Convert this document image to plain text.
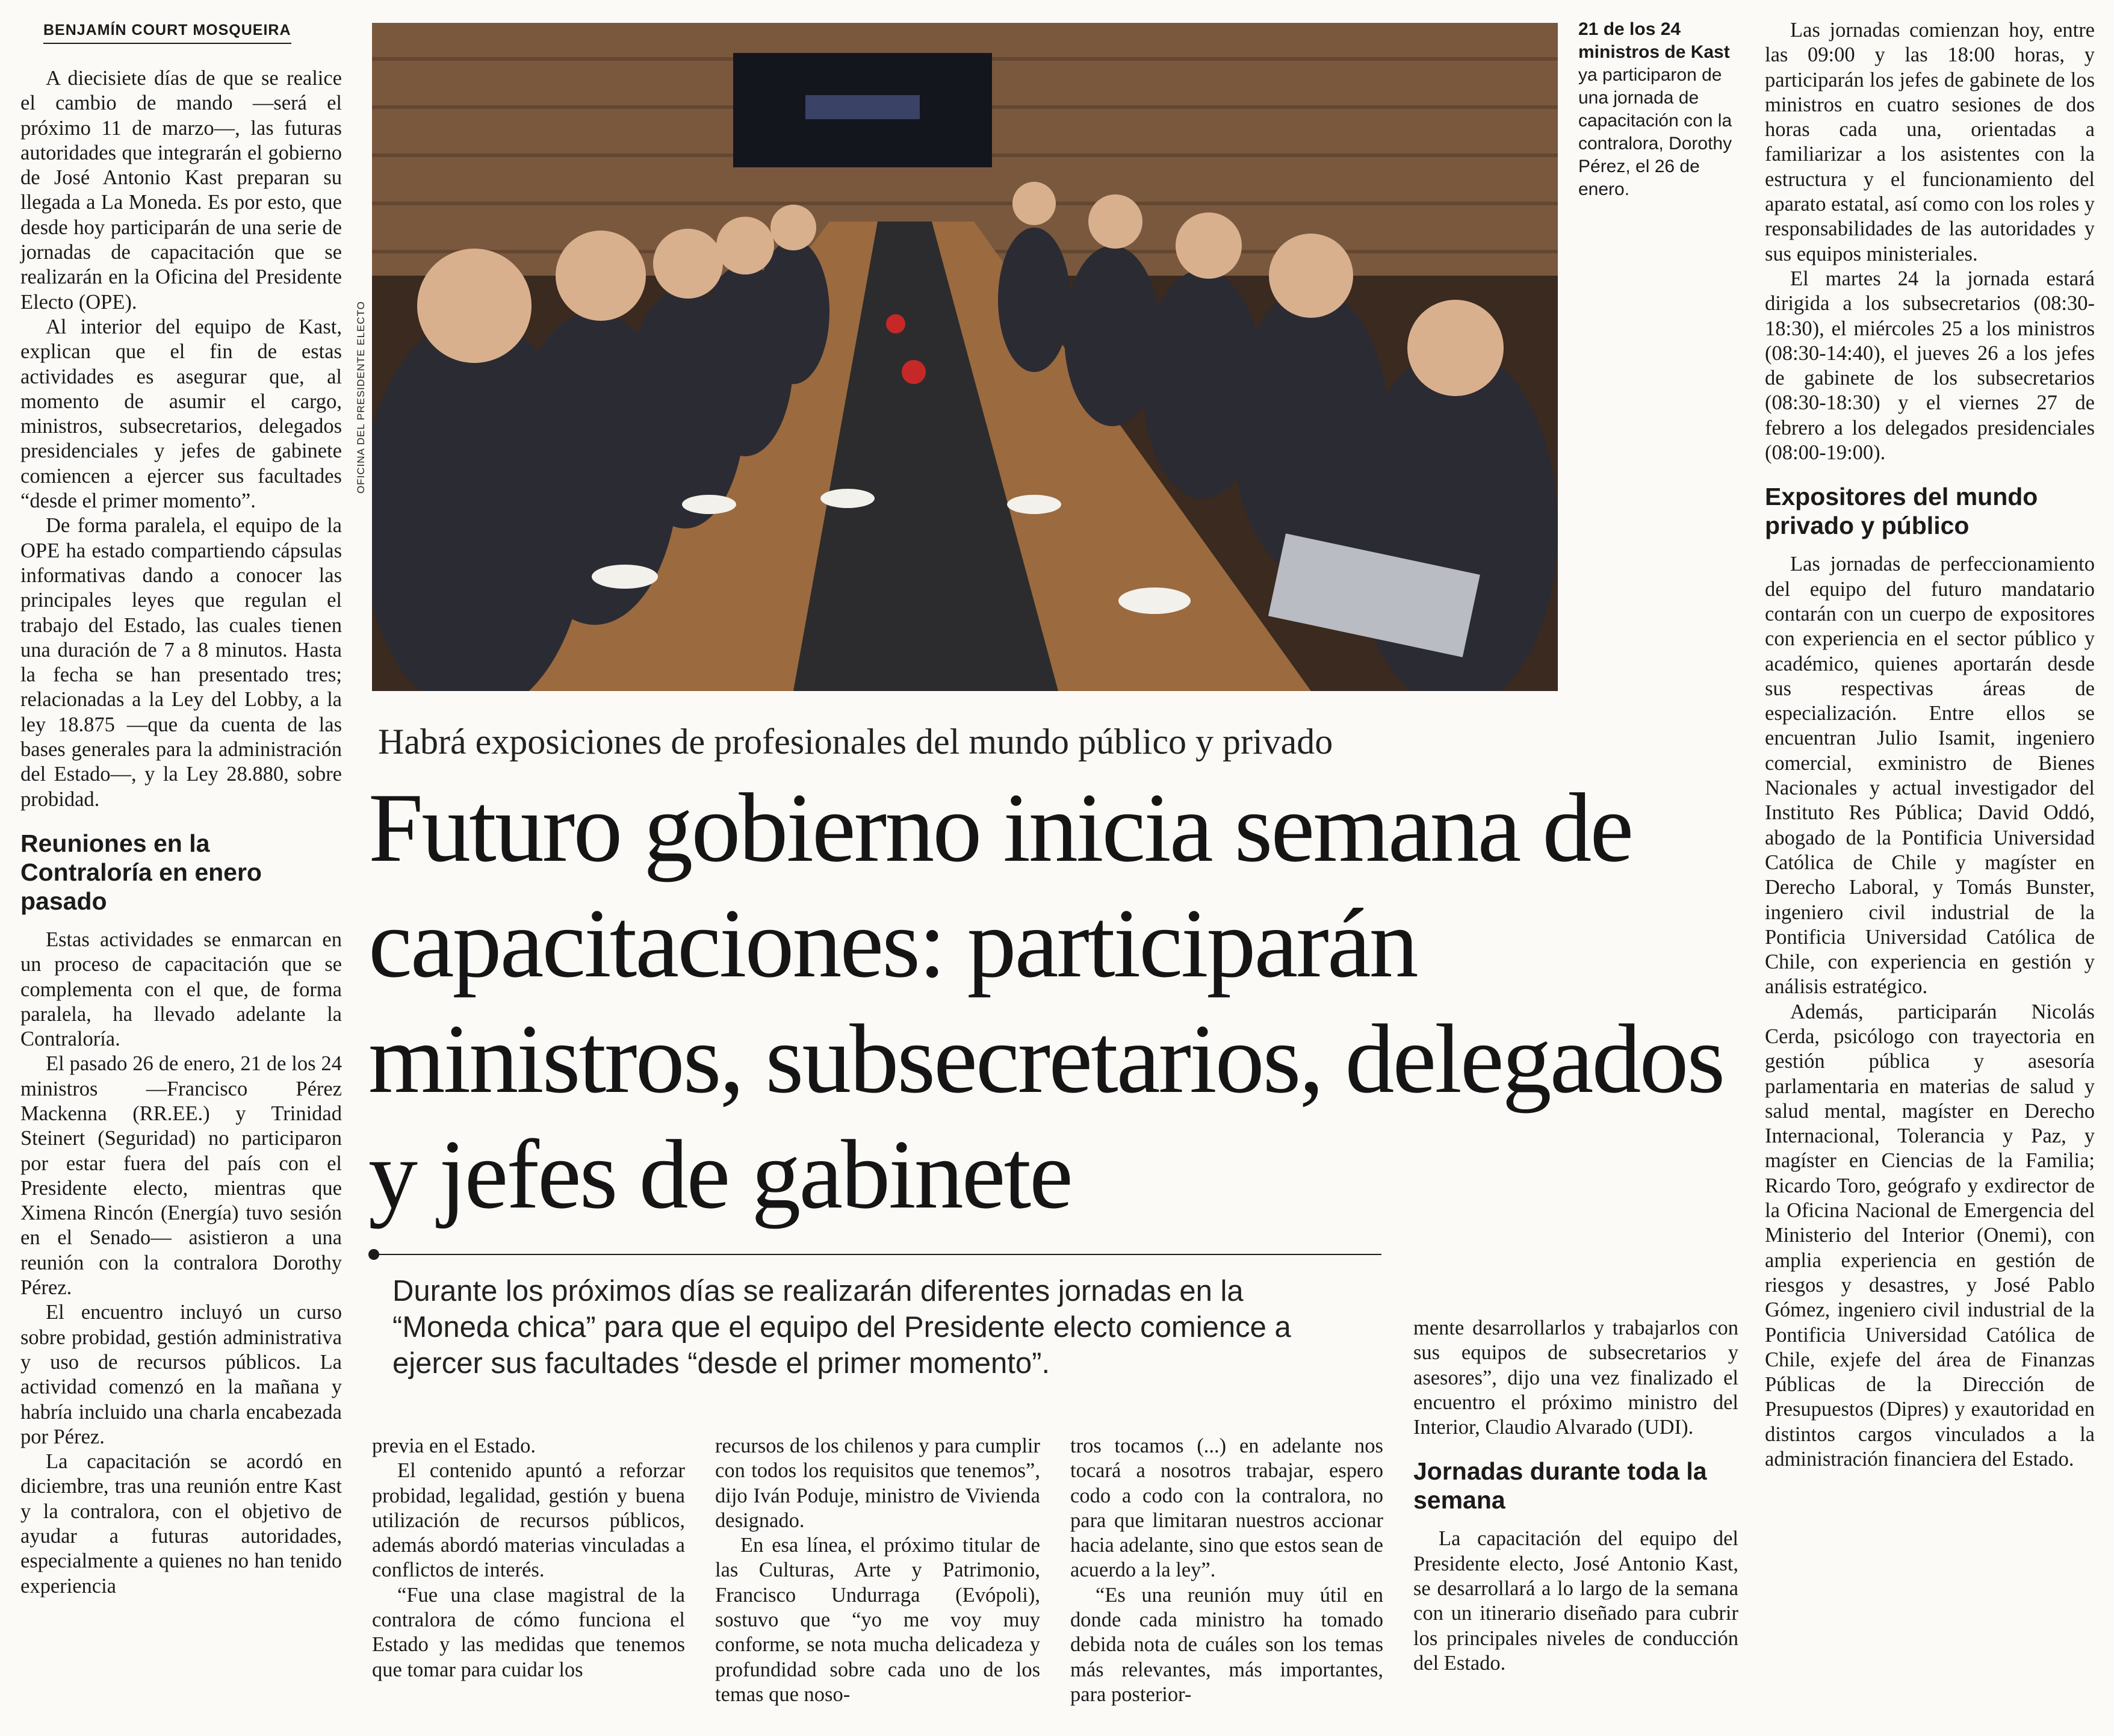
BENJAMÍN COURT MOSQUEIRA

A diecisiete días de que se realice el cambio de mando —será el próximo 11 de marzo—, las futuras autoridades que integrarán el gobierno de José Antonio Kast preparan su llegada a La Moneda. Es por esto, que desde hoy participarán de una serie de jornadas de capacitación que se realizarán en la Oficina del Presidente Electo (OPE).

Al interior del equipo de Kast, explican que el fin de estas actividades es asegurar que, al momento de asumir el cargo, ministros, subsecretarios, delegados presidenciales y jefes de gabinete comiencen a ejercer sus facultades “desde el primer momento”.

De forma paralela, el equipo de la OPE ha estado compartiendo cápsulas informativas dando a conocer las principales leyes que regulan el trabajo del Estado, las cuales tienen una duración de 7 a 8 minutos. Hasta la fecha se han presentado tres; relacionadas a la Ley del Lobby, a la ley 18.875 —que da cuenta de las bases generales para la administración del Estado—, y la Ley 28.880, sobre probidad.

Reuniones en la Contraloría en enero pasado

Estas actividades se enmarcan en un proceso de capacitación que se complementa con el que, de forma paralela, ha llevado adelante la Contraloría.

El pasado 26 de enero, 21 de los 24 ministros —Francisco Pérez Mackenna (RR.EE.) y Trinidad Steinert (Seguridad) no participaron por estar fuera del país con el Presidente electo, mientras que Ximena Rincón (Energía) tuvo sesión en el Senado— asistieron a una reunión con la contralora Dorothy Pérez.

El encuentro incluyó un curso sobre probidad, gestión administrativa y uso de recursos públicos. La actividad comenzó en la mañana y habría incluido una charla encabezada por Pérez.

La capacitación se acordó en diciembre, tras una reunión entre Kast y la contralora, con el objetivo de ayudar a futuras autoridades, especialmente a quienes no han tenido experiencia

OFICINA DEL PRESIDENTE ELECTO
21 de los 24 ministros de Kast ya participaron de una jornada de capacitación con la contralora, Dorothy Pérez, el 26 de enero.
Habrá exposiciones de profesionales del mundo público y privado
Futuro gobierno inicia semana de capacitaciones: participarán ministros, subsecretarios, delegados y jefes de gabinete
Durante los próximos días se realizarán diferentes jornadas en la “Moneda chica” para que el equipo del Presidente electo comience a ejercer sus facultades “desde el primer momento”.

previa en el Estado.

El contenido apuntó a reforzar probidad, legalidad, gestión y buena utilización de recursos públicos, además abordó materias vinculadas a conflictos de interés.

“Fue una clase magistral de la contralora de cómo funciona el Estado y las medidas que tenemos que tomar para cuidar los

recursos de los chilenos y para cumplir con todos los requisitos que tenemos”, dijo Iván Poduje, ministro de Vivienda designado.

En esa línea, el próximo titular de las Culturas, Arte y Patrimonio, Francisco Undurraga (Evópoli), sostuvo que “yo me voy muy conforme, se nota mucha delicadeza y profundidad sobre cada uno de los temas que noso-

tros tocamos (...) en adelante nos tocará a nosotros trabajar, espero codo a codo con la contralora, no para que limitaran nuestros accionar hacia adelante, sino que estos sean de acuerdo a la ley”.

“Es una reunión muy útil en donde cada ministro ha tomado debida nota de cuáles son los temas más relevantes, más importantes, para posterior-

mente desarrollarlos y trabajarlos con sus equipos de subsecretarios y asesores”, dijo una vez finalizado el encuentro el próximo ministro del Interior, Claudio Alvarado (UDI).

Jornadas durante toda la semana

La capacitación del equipo del Presidente electo, José Antonio Kast, se desarrollará a lo largo de la semana con un itinerario diseñado para cubrir los principales niveles de conducción del Estado.

Las jornadas comienzan hoy, entre las 09:00 y las 18:00 horas, y participarán los jefes de gabinete de los ministros en cuatro sesiones de dos horas cada una, orientadas a familiarizar a los asistentes con la estructura y el funcionamiento del aparato estatal, así como con los roles y responsabilidades de las autoridades y sus equipos ministeriales.

El martes 24 la jornada estará dirigida a los subsecretarios (08:30-18:30), el miércoles 25 a los ministros (08:30-14:40), el jueves 26 a los jefes de gabinete de los subsecretarios (08:30-18:30) y el viernes 27 de febrero a los delegados presidenciales (08:00-19:00).

Expositores del mundo privado y público

Las jornadas de perfeccionamiento del equipo del futuro mandatario contarán con un cuerpo de expositores con experiencia en el sector público y académico, quienes aportarán desde sus respectivas áreas de especialización. Entre ellos se encuentran Julio Isamit, ingeniero comercial, exministro de Bienes Nacionales y actual investigador del Instituto Res Pública; David Oddó, abogado de la Pontificia Universidad Católica de Chile y magíster en Derecho Laboral, y Tomás Bunster, ingeniero civil industrial de la Pontificia Universidad Católica de Chile, con experiencia en gestión y análisis estratégico.

Además, participarán Nicolás Cerda, psicólogo con trayectoria en gestión pública y asesoría parlamentaria en materias de salud y salud mental, magíster en Derecho Internacional, Tolerancia y Paz, y magíster en Ciencias de la Familia; Ricardo Toro, geógrafo y exdirector de la Oficina Nacional de Emergencia del Ministerio del Interior (Onemi), con amplia experiencia en gestión de riesgos y desastres, y José Pablo Gómez, ingeniero civil industrial de la Pontificia Universidad Católica de Chile, exjefe del área de Finanzas Públicas de la Dirección de Presupuestos (Dipres) y exautoridad en distintos cargos vinculados a la administración financiera del Estado.
